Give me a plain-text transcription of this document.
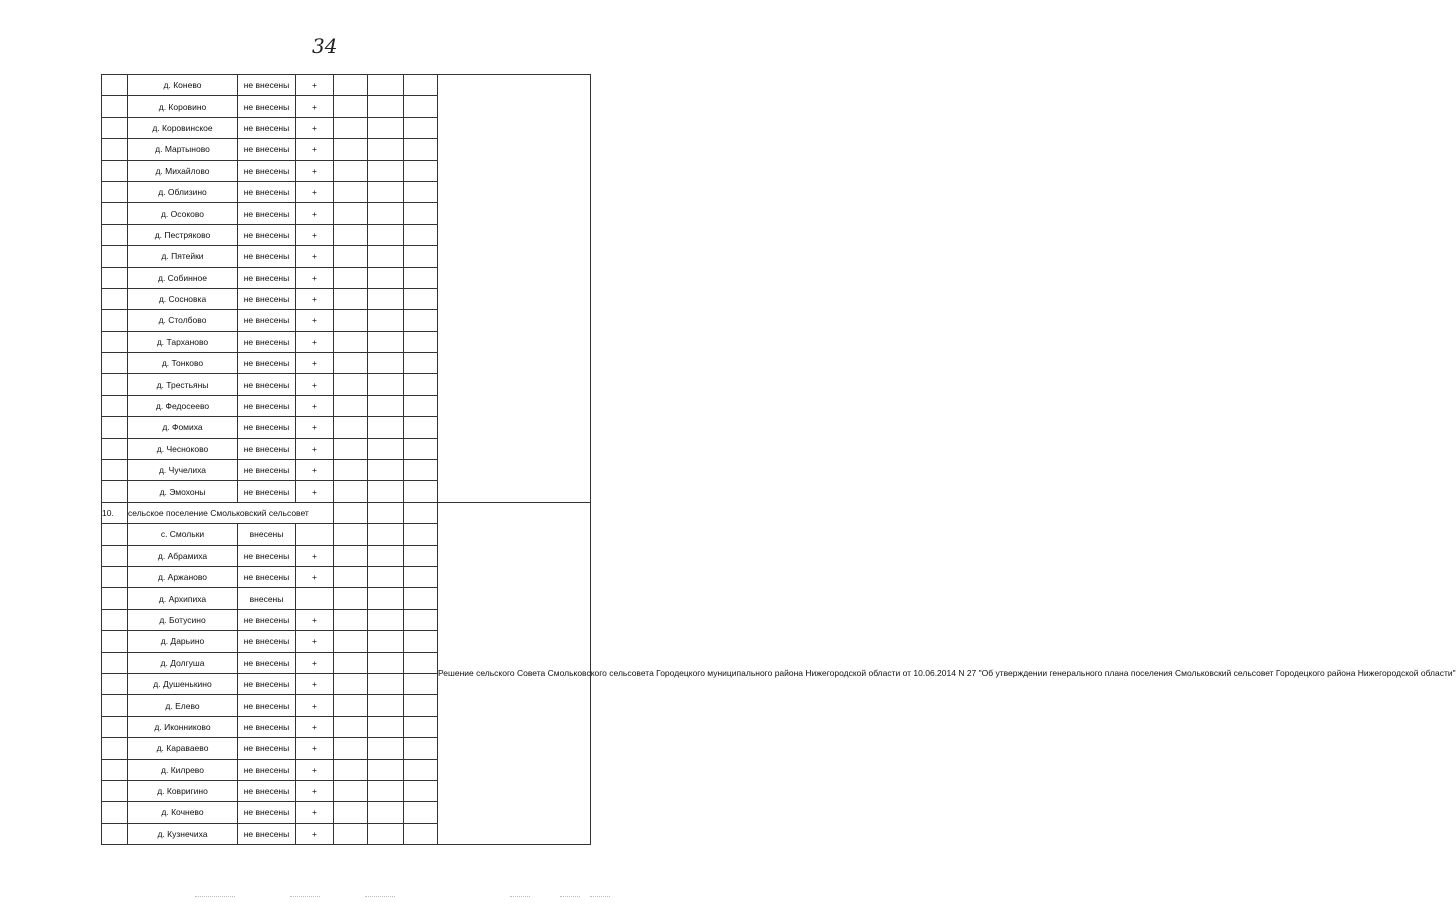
34
	д. Конево	не внесены	+				
	д. Коровино	не внесены	+				
	д. Коровинское	не внесены	+				
	д. Мартыново	не внесены	+				
	д. Михайлово	не внесены	+				
	д. Облизино	не внесены	+				
	д. Осоково	не внесены	+				
	д. Пестряково	не внесены	+				
	д. Пятейки	не внесены	+				
	д. Собинное	не внесены	+				
	д. Сосновка	не внесены	+				
	д. Столбово	не внесены	+				
	д. Тарханово	не внесены	+				
	д. Тонково	не внесены	+				
	д. Трестьяны	не внесены	+				
	д. Федосеево	не внесены	+				
	д. Фомиха	не внесены	+				
	д. Чесноково	не внесены	+				
	д. Чучелиха	не внесены	+				
	д. Эмохоны	не внесены	+				
10.	сельское поселение Смольковский сельсовет						Решение сельского Совета Смольковского сельсовета Городецкого муниципального района Нижегородской области от 10.06.2014 N 27 "Об утверждении генерального плана поселения Смольковский сельсовет Городецкого района Нижегородской области"
	с. Смольки	внесены					
	д. Абрамиха	не внесены	+				
	д. Аржаново	не внесены	+				
	д. Архипиха	внесены					
	д. Ботусино	не внесены	+				
	д. Дарьино	не внесены	+				
	д. Долгуша	не внесены	+				
	д. Душенькино	не внесены	+				
	д. Елево	не внесены	+				
	д. Иконниково	не внесены	+				
	д. Караваево	не внесены	+				
	д. Килрево	не внесены	+				
	д. Ковригино	не внесены	+				
	д. Кочнево	не внесены	+				
	д. Кузнечиха	не внесены	+				
